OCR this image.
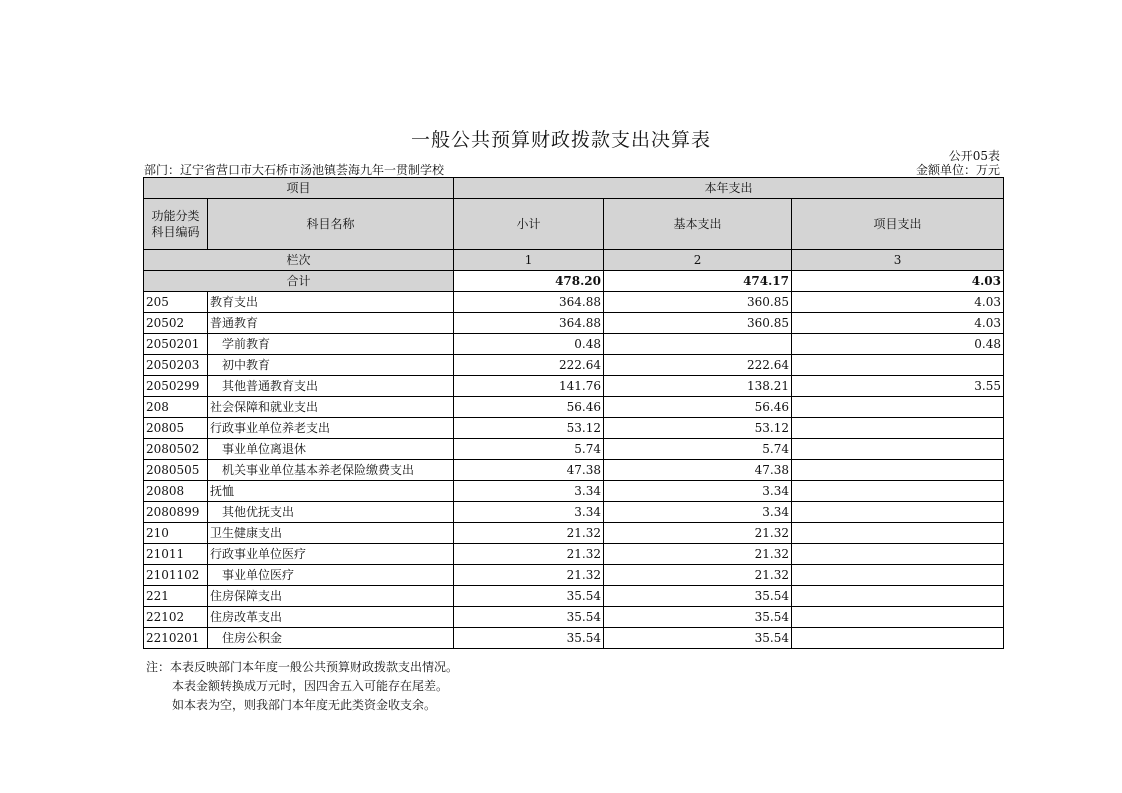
一般公共预算财政拨款支出决算表
公开05表
部门：辽宁省营口市大石桥市汤池镇荟海九年一贯制学校	金额单位：万元
项目		本年支出		

功能分类科目编码	科目名称	小计	基本支出	项目支出
栏次		1	2	3
合计		478.20	474.17	4.03
205	教育支出	364.88	360.85	4.03
20502	普通教育	364.88	360.85	4.03
2050201	学前教育	0.48		0.48
2050203	初中教育	222.64	222.64	
2050299	其他普通教育支出	141.76	138.21	3.55
208	社会保障和就业支出	56.46	56.46	
20805	行政事业单位养老支出	53.12	53.12	
2080502	事业单位离退休	5.74	5.74	
2080505	机关事业单位基本养老保险缴费支出	47.38	47.38	
20808	抚恤	3.34	3.34	
2080899	其他优抚支出	3.34	3.34	
210	卫生健康支出	21.32	21.32	
21011	行政事业单位医疗	21.32	21.32	
2101102	事业单位医疗	21.32	21.32	
221	住房保障支出	35.54	35.54	
22102	住房改革支出	35.54	35.54	
2210201	住房公积金	35.54	35.54	
注：本表反映部门本年度一般公共预算财政拨款支出情况。
本表金额转换成万元时，因四舍五入可能存在尾差。
如本表为空，则我部门本年度无此类资金收支余。
